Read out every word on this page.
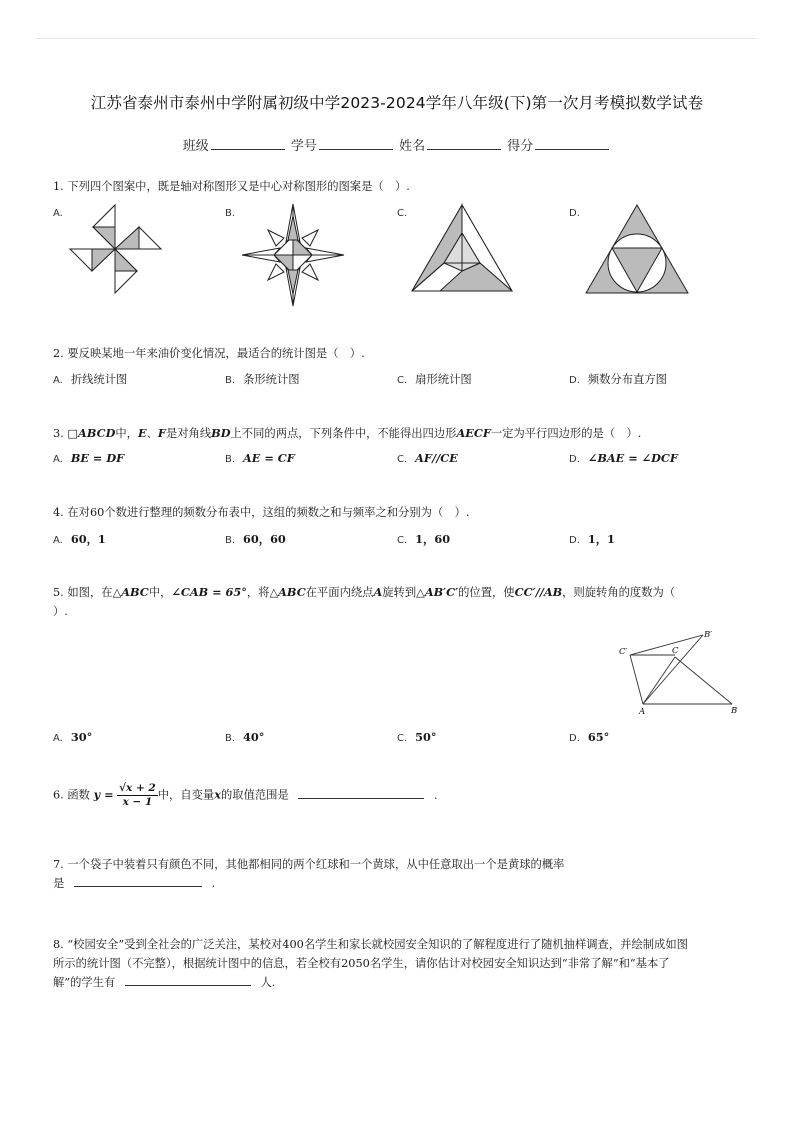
江苏省泰州市泰州中学附属初级中学2023-2024学年八年级(下)第一次月考模拟数学试卷
班级	学号	姓名	得分
1. 下列四个图案中，既是轴对称图形又是中心对称图形的图案是（　）.
A.	B.	C.	D.
2. 要反映某地一年来油价变化情况，最适合的统计图是（　）.
A. 折线统计图	B. 条形统计图	C. 扇形统计图	D. 频数分布直方图
3. □ABCD中，E、F是对角线BD上不同的两点，下列条件中，不能得出四边形AECF一定为平行四边形的是（　）.
A. BE = DF	B. AE = CF	C. AF//CE	D. ∠BAE = ∠DCF
4. 在对60个数进行整理的频数分布表中，这组的频数之和与频率之和分别为（　）.
A. 60，1	B. 60，60	C. 1，60	D. 1，1
5. 如图，在△ABC中，∠CAB = 65°，将△ABC在平面内绕点A旋转到△AB′C′的位置，使CC′//AB，则旋转角的度数为（
）.
C′	C
B′
A	B
A. 30°	B. 40°	C. 50°	D. 65°
6. 函数 $y = \frac{√x + 2}{x - 1}$ 中，自变量x的取值范围是	.
7. 一个袋子中装着只有颜色不同，其他都相同的两个红球和一个黄球，从中任意取出一个是黄球的概率
是	.
8. “校园安全”受到全社会的广泛关注，某校对400名学生和家长就校园安全知识的了解程度进行了随机抽样调查，并绘制成如图
所示的统计图（不完整），根据统计图中的信息，若全校有2050名学生，请你估计对校园安全知识达到“非常了解”和“基本了
解”的学生有	人.
